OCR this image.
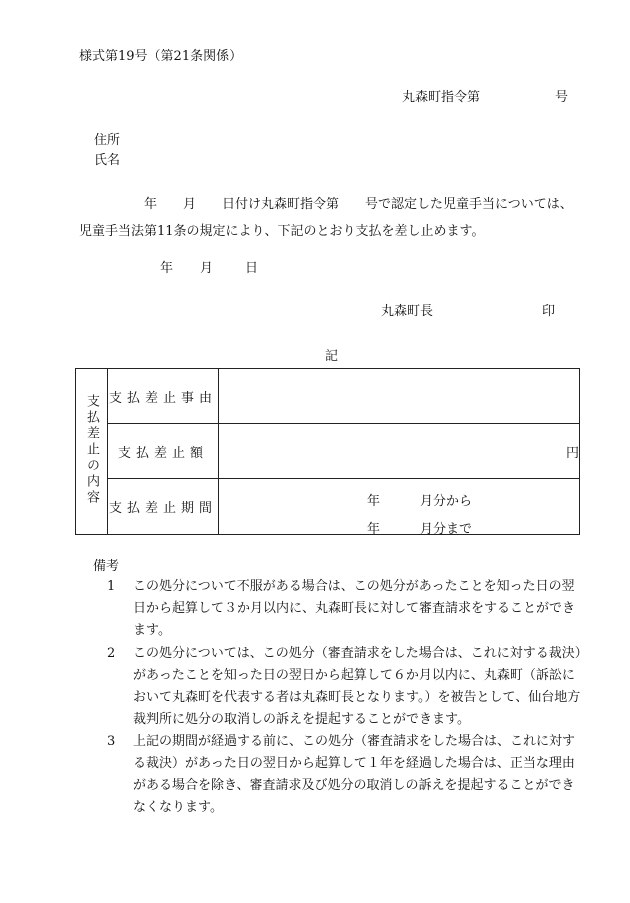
様式第19号（第21条関係）
丸森町指令第	号
住所
氏名
　　　　　年　　月　　日付け丸森町指令第　　号で認定した児童手当については、
児童手当法第11条の規定により、下記のとおり支払を差し止めます。
年 月 日
丸森町長	印
記
支払差止の内容	支払差止事由	
	支払差止額	円
	支払差止期間	年 月分から
年 月分まで
備考
1	この処分について不服がある場合は、この処分があったことを知った日の翌日から起算して３か月以内に、丸森町長に対して審査請求をすることができます。
2	この処分については、この処分（審査請求をした場合は、これに対する裁決）があったことを知った日の翌日から起算して６か月以内に、丸森町（訴訟において丸森町を代表する者は丸森町長となります。）を被告として、仙台地方裁判所に処分の取消しの訴えを提起することができます。
3	上記の期間が経過する前に、この処分（審査請求をした場合は、これに対する裁決）があった日の翌日から起算して１年を経過した場合は、正当な理由がある場合を除き、審査請求及び処分の取消しの訴えを提起することができなくなります。
